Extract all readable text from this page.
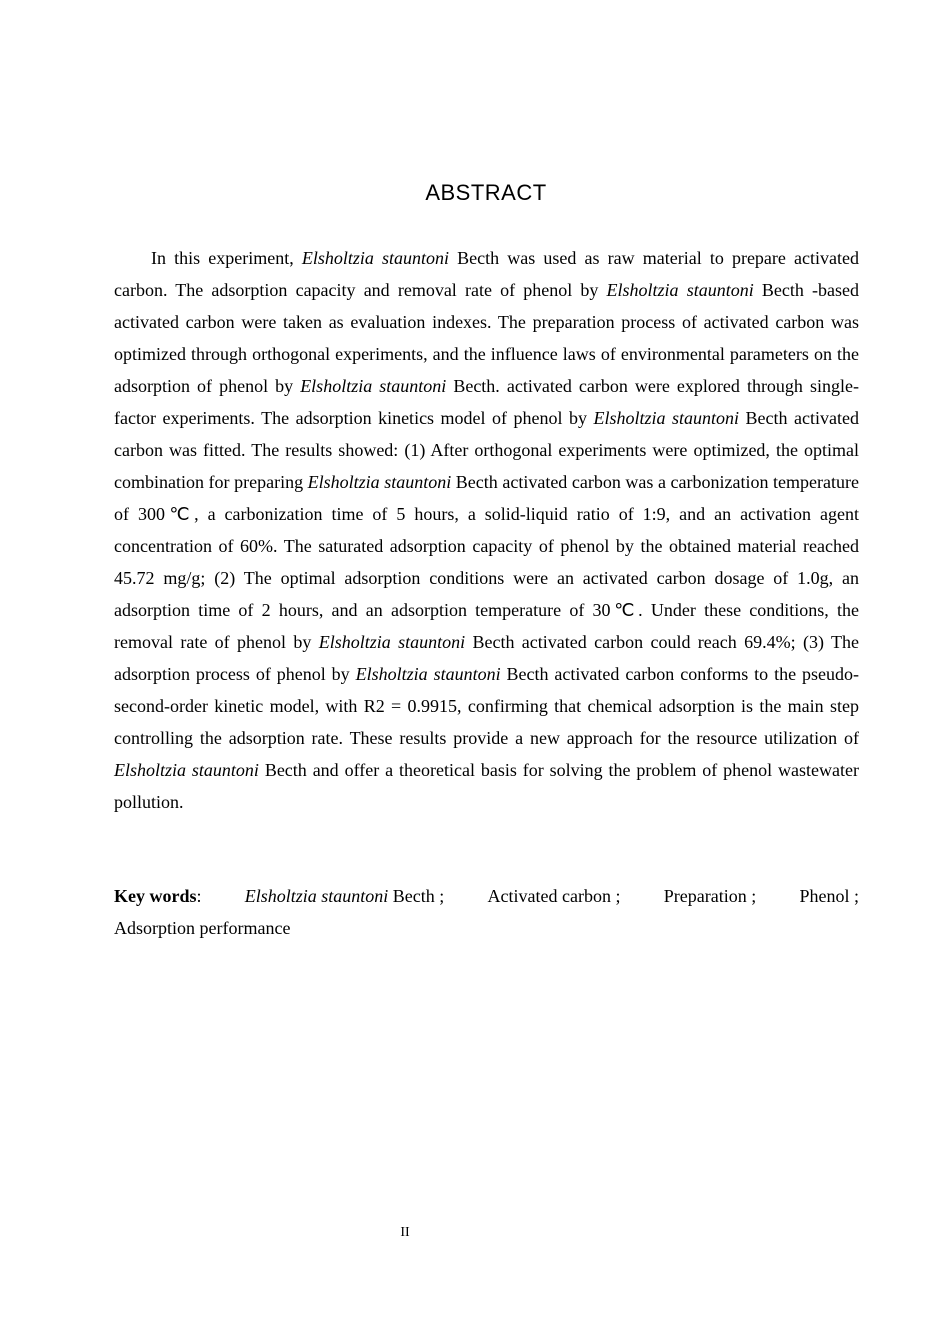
ABSTRACT

In this experiment, Elsholtzia stauntoni Becth was used as raw material to prepare activated carbon. The adsorption capacity and removal rate of phenol by Elsholtzia stauntoni Becth -based activated carbon were taken as evaluation indexes. The preparation process of activated carbon was optimized through orthogonal experiments, and the influence laws of environmental parameters on the adsorption of phenol by Elsholtzia stauntoni Becth. activated carbon were explored through single-factor experiments. The adsorption kinetics model of phenol by Elsholtzia stauntoni Becth activated carbon was fitted. The results showed: (1) After orthogonal experiments were optimized, the optimal combination for preparing Elsholtzia stauntoni Becth activated carbon was a carbonization temperature of 300℃, a carbonization time of 5 hours, a solid-liquid ratio of 1:9, and an activation agent concentration of 60%. The saturated adsorption capacity of phenol by the obtained material reached 45.72 mg/g; (2) The optimal adsorption conditions were an activated carbon dosage of 1.0g, an adsorption time of 2 hours, and an adsorption temperature of 30℃. Under these conditions, the removal rate of phenol by Elsholtzia stauntoni Becth activated carbon could reach 69.4%; (3) The adsorption process of phenol by Elsholtzia stauntoni Becth activated carbon conforms to the pseudo-second-order kinetic model, with R2 = 0.9915, confirming that chemical adsorption is the main step controlling the adsorption rate. These results provide a new approach for the resource utilization of Elsholtzia stauntoni Becth and offer a theoretical basis for solving the problem of phenol wastewater pollution.

Key words: Elsholtzia stauntoni Becth ; Activated carbon ; Preparation ; Phenol ;
Adsorption performance
II
